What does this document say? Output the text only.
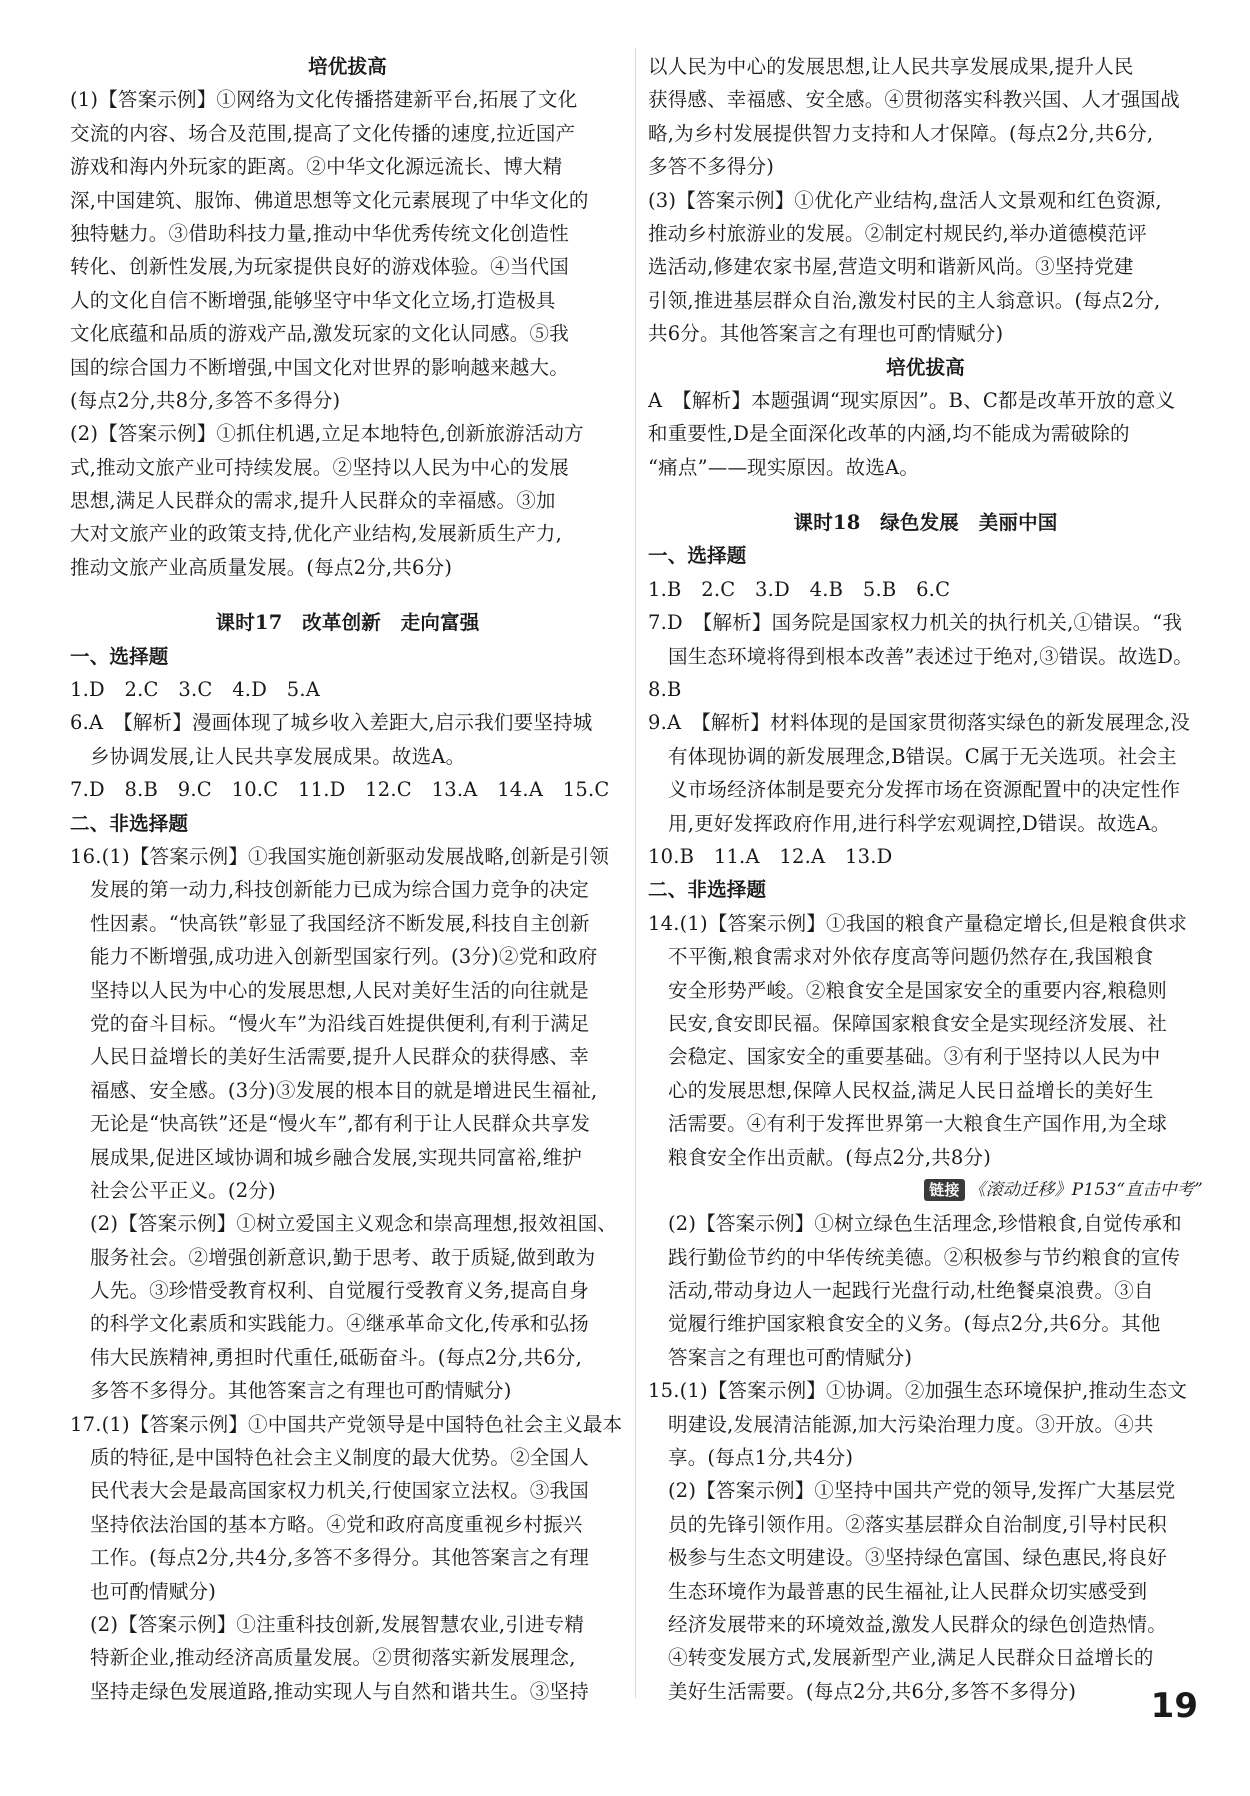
培优拔高
(1)【答案示例】①网络为文化传播搭建新平台,拓展了文化
交流的内容、场合及范围,提高了文化传播的速度,拉近国产
游戏和海内外玩家的距离。②中华文化源远流长、博大精
深,中国建筑、服饰、佛道思想等文化元素展现了中华文化的
独特魅力。③借助科技力量,推动中华优秀传统文化创造性
转化、创新性发展,为玩家提供良好的游戏体验。④当代国
人的文化自信不断增强,能够坚守中华文化立场,打造极具
文化底蕴和品质的游戏产品,激发玩家的文化认同感。⑤我
国的综合国力不断增强,中国文化对世界的影响越来越大。
(每点2分,共8分,多答不多得分)
(2)【答案示例】①抓住机遇,立足本地特色,创新旅游活动方
式,推动文旅产业可持续发展。②坚持以人民为中心的发展
思想,满足人民群众的需求,提升人民群众的幸福感。③加
大对文旅产业的政策支持,优化产业结构,发展新质生产力,
推动文旅产业高质量发展。(每点2分,共6分)
课时17　改革创新　走向富强
一、选择题
1.D　2.C　3.C　4.D　5.A
6.A　【解析】漫画体现了城乡收入差距大,启示我们要坚持城
乡协调发展,让人民共享发展成果。故选A。
7.D　8.B　9.C　10.C　11.D　12.C　13.A　14.A　15.C
二、非选择题
16.(1)【答案示例】①我国实施创新驱动发展战略,创新是引领
发展的第一动力,科技创新能力已成为综合国力竞争的决定
性因素。“快高铁”彰显了我国经济不断发展,科技自主创新
能力不断增强,成功进入创新型国家行列。(3分)②党和政府
坚持以人民为中心的发展思想,人民对美好生活的向往就是
党的奋斗目标。“慢火车”为沿线百姓提供便利,有利于满足
人民日益增长的美好生活需要,提升人民群众的获得感、幸
福感、安全感。(3分)③发展的根本目的就是增进民生福祉,
无论是“快高铁”还是“慢火车”,都有利于让人民群众共享发
展成果,促进区域协调和城乡融合发展,实现共同富裕,维护
社会公平正义。(2分)
(2)【答案示例】①树立爱国主义观念和崇高理想,报效祖国、
服务社会。②增强创新意识,勤于思考、敢于质疑,做到敢为
人先。③珍惜受教育权利、自觉履行受教育义务,提高自身
的科学文化素质和实践能力。④继承革命文化,传承和弘扬
伟大民族精神,勇担时代重任,砥砺奋斗。(每点2分,共6分,
多答不多得分。其他答案言之有理也可酌情赋分)
17.(1)【答案示例】①中国共产党领导是中国特色社会主义最本
质的特征,是中国特色社会主义制度的最大优势。②全国人
民代表大会是最高国家权力机关,行使国家立法权。③我国
坚持依法治国的基本方略。④党和政府高度重视乡村振兴
工作。(每点2分,共4分,多答不多得分。其他答案言之有理
也可酌情赋分)
(2)【答案示例】①注重科技创新,发展智慧农业,引进专精
特新企业,推动经济高质量发展。②贯彻落实新发展理念,
坚持走绿色发展道路,推动实现人与自然和谐共生。③坚持
以人民为中心的发展思想,让人民共享发展成果,提升人民
获得感、幸福感、安全感。④贯彻落实科教兴国、人才强国战
略,为乡村发展提供智力支持和人才保障。(每点2分,共6分,
多答不多得分)
(3)【答案示例】①优化产业结构,盘活人文景观和红色资源,
推动乡村旅游业的发展。②制定村规民约,举办道德模范评
选活动,修建农家书屋,营造文明和谐新风尚。③坚持党建
引领,推进基层群众自治,激发村民的主人翁意识。(每点2分,
共6分。其他答案言之有理也可酌情赋分)
培优拔高
A　【解析】本题强调“现实原因”。B、C都是改革开放的意义
和重要性,D是全面深化改革的内涵,均不能成为需破除的
“痛点”——现实原因。故选A。
课时18　绿色发展　美丽中国
一、选择题
1.B　2.C　3.D　4.B　5.B　6.C
7.D　【解析】国务院是国家权力机关的执行机关,①错误。“我
国生态环境将得到根本改善”表述过于绝对,③错误。故选D。
8.B
9.A　【解析】材料体现的是国家贯彻落实绿色的新发展理念,没
有体现协调的新发展理念,B错误。C属于无关选项。社会主
义市场经济体制是要充分发挥市场在资源配置中的决定性作
用,更好发挥政府作用,进行科学宏观调控,D错误。故选A。
10.B　11.A　12.A　13.D
二、非选择题
14.(1)【答案示例】①我国的粮食产量稳定增长,但是粮食供求
不平衡,粮食需求对外依存度高等问题仍然存在,我国粮食
安全形势严峻。②粮食安全是国家安全的重要内容,粮稳则
民安,食安即民福。保障国家粮食安全是实现经济发展、社
会稳定、国家安全的重要基础。③有利于坚持以人民为中
心的发展思想,保障人民权益,满足人民日益增长的美好生
活需要。④有利于发挥世界第一大粮食生产国作用,为全球
粮食安全作出贡献。(每点2分,共8分)
链接 《滚动迁移》P153“直击中考”
(2)【答案示例】①树立绿色生活理念,珍惜粮食,自觉传承和
践行勤俭节约的中华传统美德。②积极参与节约粮食的宣传
活动,带动身边人一起践行光盘行动,杜绝餐桌浪费。③自
觉履行维护国家粮食安全的义务。(每点2分,共6分。其他
答案言之有理也可酌情赋分)
15.(1)【答案示例】①协调。②加强生态环境保护,推动生态文
明建设,发展清洁能源,加大污染治理力度。③开放。④共
享。(每点1分,共4分)
(2)【答案示例】①坚持中国共产党的领导,发挥广大基层党
员的先锋引领作用。②落实基层群众自治制度,引导村民积
极参与生态文明建设。③坚持绿色富国、绿色惠民,将良好
生态环境作为最普惠的民生福祉,让人民群众切实感受到
经济发展带来的环境效益,激发人民群众的绿色创造热情。
④转变发展方式,发展新型产业,满足人民群众日益增长的
美好生活需要。(每点2分,共6分,多答不多得分)	19
